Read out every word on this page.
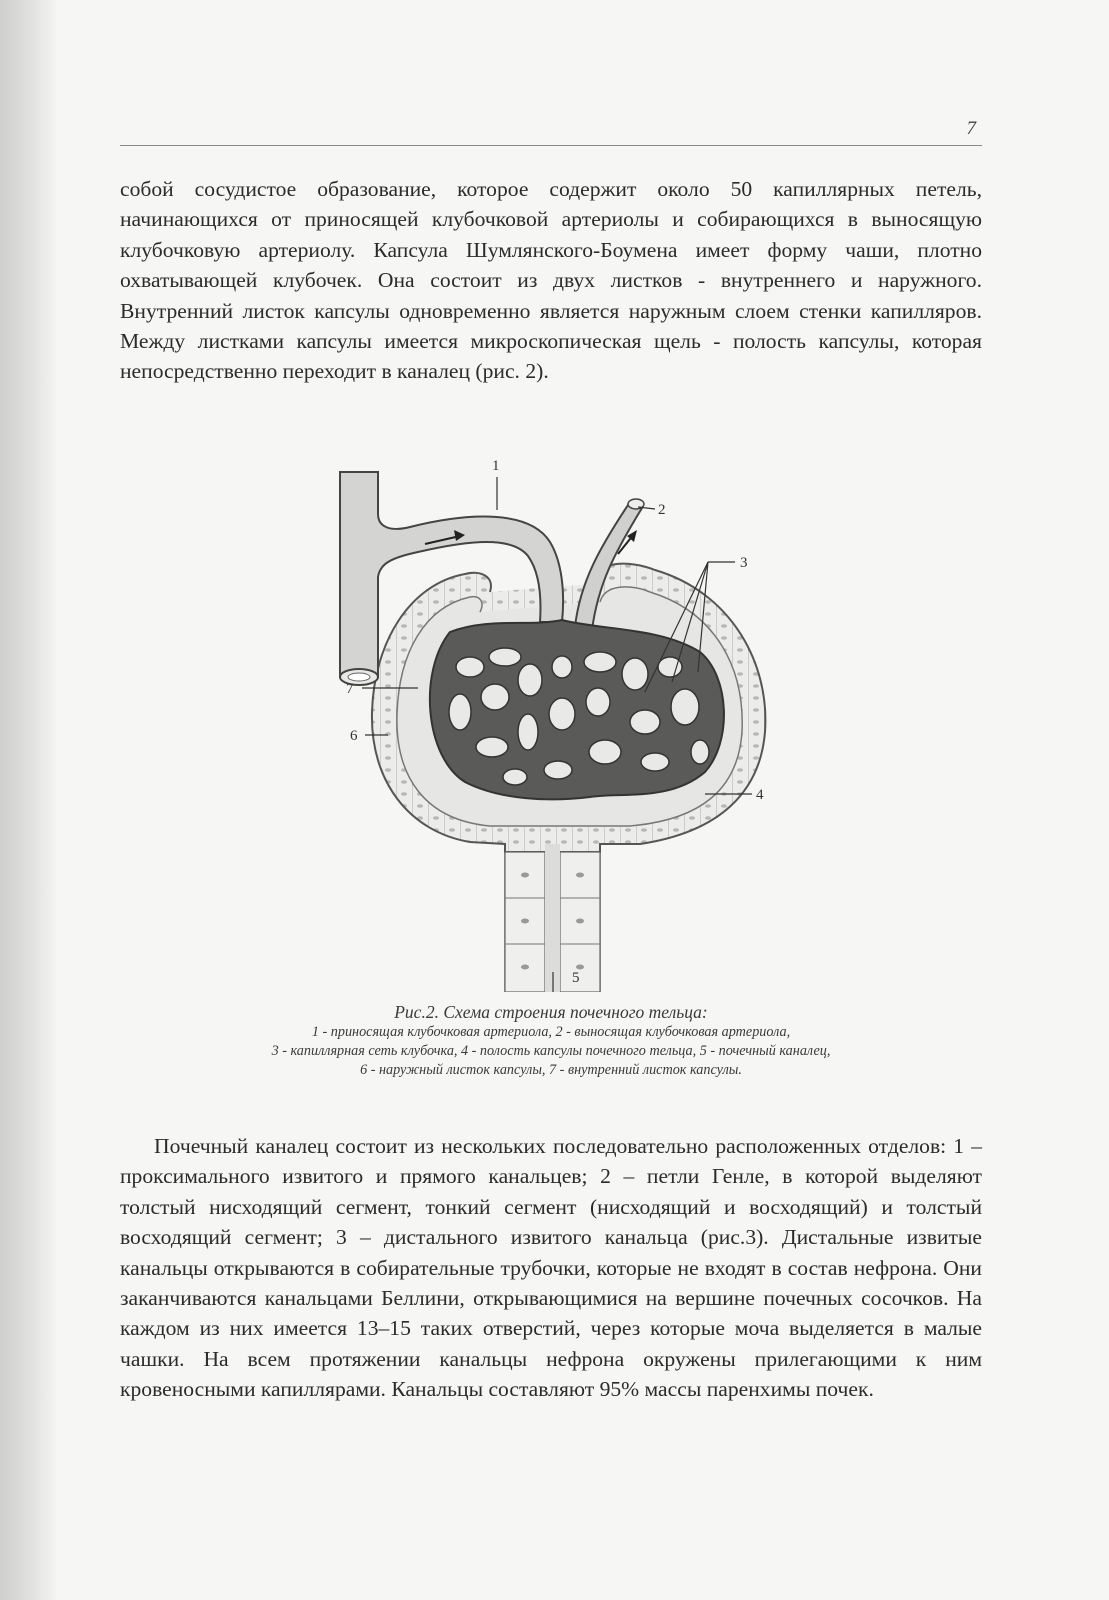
7

собой сосудистое образование, которое содержит около 50 капиллярных петель, начинающихся от приносящей клубочковой артериолы и собирающихся в выносящую клубочковую артериолу. Капсула Шумлянского-Боумена имеет форму чаши, плотно охватывающей клубочек. Она состоит из двух листков - внутреннего и наружного. Внутренний листок капсулы одновременно является наружным слоем стенки капилляров. Между листками капсулы имеется микроскопическая щель - полость капсулы, которая непосредственно переходит в каналец (рис. 2).

1
2
3
4
5
6
7
Рис.2. Схема строения почечного тельца:
1 - приносящая клубочковая артериола, 2 - выносящая клубочковая артериола,
3 - капиллярная сеть клубочка, 4 - полость капсулы почечного тельца, 5 - почечный каналец,
6 - наружный листок капсулы, 7 - внутренний листок капсулы.

Почечный каналец состоит из нескольких последовательно расположенных отделов: 1 – проксимального извитого и прямого канальцев; 2 – петли Генле, в которой выделяют толстый нисходящий сегмент, тонкий сегмент (нисходящий и восходящий) и толстый восходящий сегмент; 3 – дистального извитого канальца (рис.3). Дистальные извитые канальцы открываются в собирательные трубочки, которые не входят в состав нефрона. Они заканчиваются канальцами Беллини, открывающимися на вершине почечных сосочков. На каждом из них имеется 13–15 таких отверстий, через которые моча выделяется в малые чашки. На всем протяжении канальцы нефрона окружены прилегающими к ним кровеносными капиллярами. Канальцы составляют 95% массы паренхимы почек.
